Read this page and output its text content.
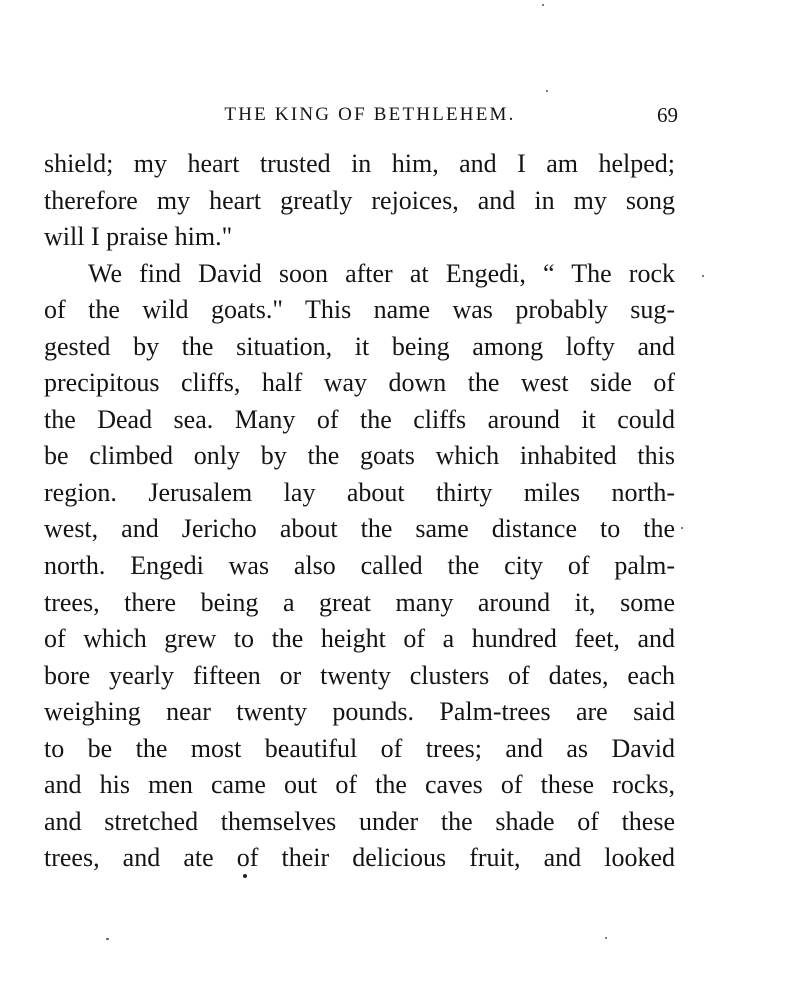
THE KING OF BETHLEHEM.	69
shield; my heart trusted in him, and I am helped;
therefore my heart greatly rejoices, and in my song
will I praise him."
We find David soon after at Engedi, “ The rock
of the wild goats." This name was probably sug-
gested by the situation, it being among lofty and
precipitous cliffs, half way down the west side of
the Dead sea. Many of the cliffs around it could
be climbed only by the goats which inhabited this
region. Jerusalem lay about thirty miles north-
west, and Jericho about the same distance to the
north. Engedi was also called the city of palm-
trees, there being a great many around it, some
of which grew to the height of a hundred feet, and
bore yearly fifteen or twenty clusters of dates, each
weighing near twenty pounds. Palm-trees are said
to be the most beautiful of trees; and as David
and his men came out of the caves of these rocks,
and stretched themselves under the shade of these
trees, and ate of their delicious fruit, and looked
